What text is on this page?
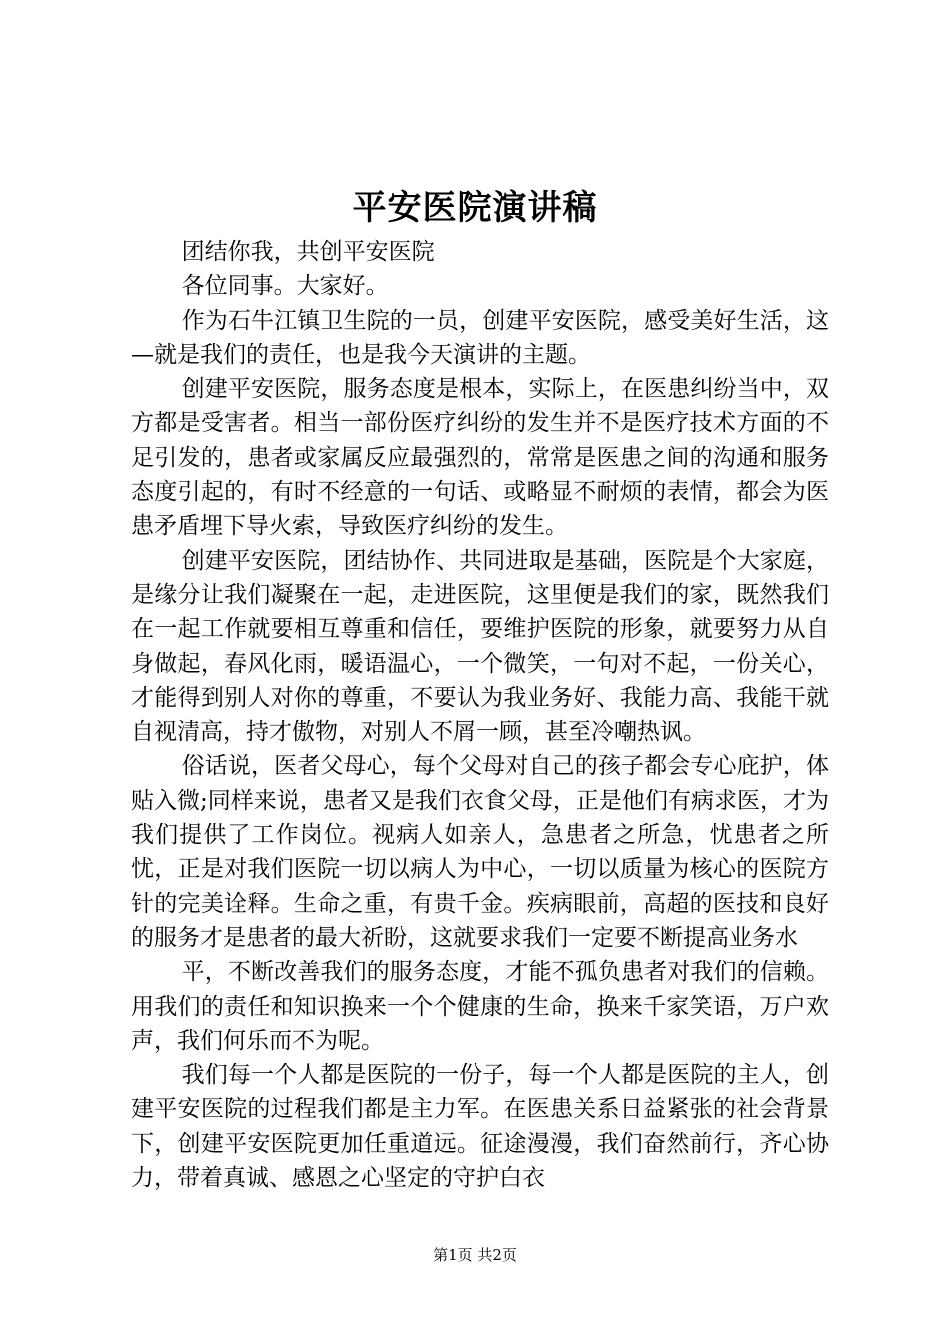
平安医院演讲稿

团结你我，共创平安医院

各位同事。大家好。

作为石牛江镇卫生院的一员，创建平安医院，感受美好生活，这—就是我们的责任，也是我今天演讲的主题。

创建平安医院，服务态度是根本，实际上，在医患纠纷当中，双方都是受害者。相当一部份医疗纠纷的发生并不是医疗技术方面的不足引发的，患者或家属反应最强烈的，常常是医患之间的沟通和服务态度引起的，有时不经意的一句话、或略显不耐烦的表情，都会为医患矛盾埋下导火索，导致医疗纠纷的发生。

创建平安医院，团结协作、共同进取是基础，医院是个大家庭，是缘分让我们凝聚在一起，走进医院，这里便是我们的家，既然我们在一起工作就要相互尊重和信任，要维护医院的形象，就要努力从自身做起，春风化雨，暖语温心，一个微笑，一句对不起，一份关心，才能得到别人对你的尊重，不要认为我业务好、我能力高、我能干就自视清高，持才傲物，对别人不屑一顾，甚至冷嘲热讽。

俗话说，医者父母心，每个父母对自己的孩子都会专心庇护，体贴入微;同样来说，患者又是我们衣食父母，正是他们有病求医，才为我们提供了工作岗位。视病人如亲人，急患者之所急，忧患者之所忧，正是对我们医院一切以病人为中心，一切以质量为核心的医院方针的完美诠释。生命之重，有贵千金。疾病眼前，高超的医技和良好的服务才是患者的最大祈盼，这就要求我们一定要不断提高业务水

平，不断改善我们的服务态度，才能不孤负患者对我们的信赖。用我们的责任和知识换来一个个健康的生命，换来千家笑语，万户欢声，我们何乐而不为呢。

我们每一个人都是医院的一份子，每一个人都是医院的主人，创建平安医院的过程我们都是主力军。在医患关系日益紧张的社会背景下，创建平安医院更加任重道远。征途漫漫，我们奋然前行，齐心协力，带着真诚、感恩之心坚定的守护白衣

第1页 共2页
